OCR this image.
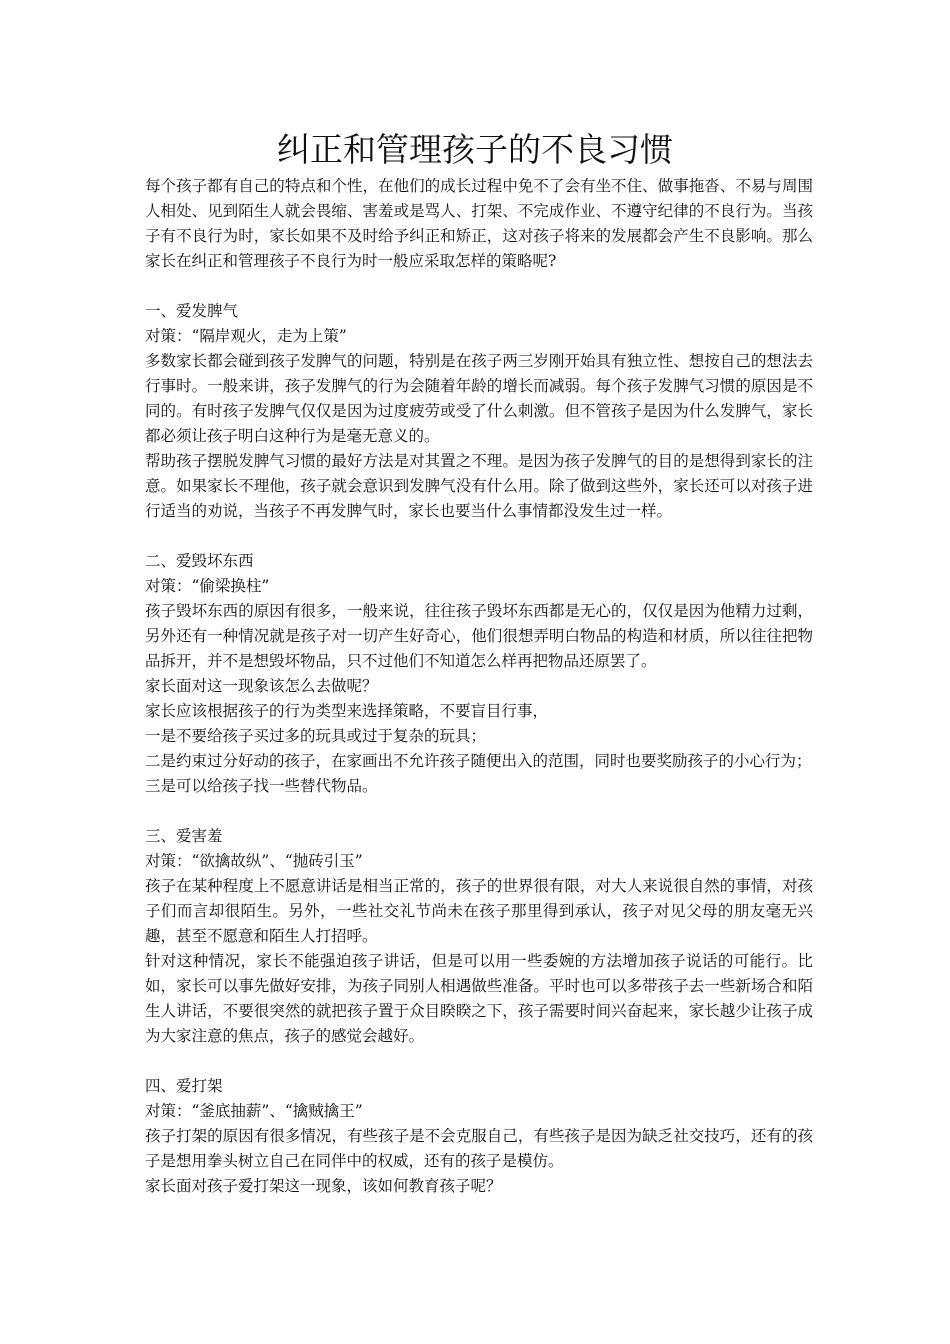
纠正和管理孩子的不良习惯

每个孩子都有自己的特点和个性，在他们的成长过程中免不了会有坐不住、做事拖沓、不易与周围人相处、见到陌生人就会畏缩、害羞或是骂人、打架、不完成作业、不遵守纪律的不良行为。当孩子有不良行为时，家长如果不及时给予纠正和矫正，这对孩子将来的发展都会产生不良影响。那么家长在纠正和管理孩子不良行为时一般应采取怎样的策略呢?

一、爱发脾气

对策：“隔岸观火，走为上策”

多数家长都会碰到孩子发脾气的问题，特别是在孩子两三岁刚开始具有独立性、想按自己的想法去行事时。一般来讲，孩子发脾气的行为会随着年龄的增长而减弱。每个孩子发脾气习惯的原因是不同的。有时孩子发脾气仅仅是因为过度疲劳或受了什么刺激。但不管孩子是因为什么发脾气，家长都必须让孩子明白这种行为是毫无意义的。

帮助孩子摆脱发脾气习惯的最好方法是对其置之不理。是因为孩子发脾气的目的是想得到家长的注意。如果家长不理他，孩子就会意识到发脾气没有什么用。除了做到这些外，家长还可以对孩子进行适当的劝说，当孩子不再发脾气时，家长也要当什么事情都没发生过一样。

二、爱毁坏东西

对策：“偷梁换柱”

孩子毁坏东西的原因有很多，一般来说，往往孩子毁坏东西都是无心的，仅仅是因为他精力过剩，另外还有一种情况就是孩子对一切产生好奇心，他们很想弄明白物品的构造和材质，所以往往把物品拆开，并不是想毁坏物品，只不过他们不知道怎么样再把物品还原罢了。

家长面对这一现象该怎么去做呢？

家长应该根据孩子的行为类型来选择策略，不要盲目行事，

一是不要给孩子买过多的玩具或过于复杂的玩具；

二是约束过分好动的孩子，在家画出不允许孩子随便出入的范围，同时也要奖励孩子的小心行为；

三是可以给孩子找一些替代物品。

三、爱害羞

对策：“欲擒故纵”、“抛砖引玉”

孩子在某种程度上不愿意讲话是相当正常的，孩子的世界很有限，对大人来说很自然的事情，对孩子们而言却很陌生。另外，一些社交礼节尚未在孩子那里得到承认，孩子对见父母的朋友毫无兴趣，甚至不愿意和陌生人打招呼。

针对这种情况，家长不能强迫孩子讲话，但是可以用一些委婉的方法增加孩子说话的可能行。比如，家长可以事先做好安排，为孩子同别人相遇做些准备。平时也可以多带孩子去一些新场合和陌生人讲话，不要很突然的就把孩子置于众目睽睽之下，孩子需要时间兴奋起来，家长越少让孩子成为大家注意的焦点，孩子的感觉会越好。

四、爱打架

对策：“釜底抽薪”、“擒贼擒王”

孩子打架的原因有很多情况，有些孩子是不会克服自己，有些孩子是因为缺乏社交技巧，还有的孩子是想用拳头树立自己在同伴中的权威，还有的孩子是模仿。

家长面对孩子爱打架这一现象，该如何教育孩子呢？
